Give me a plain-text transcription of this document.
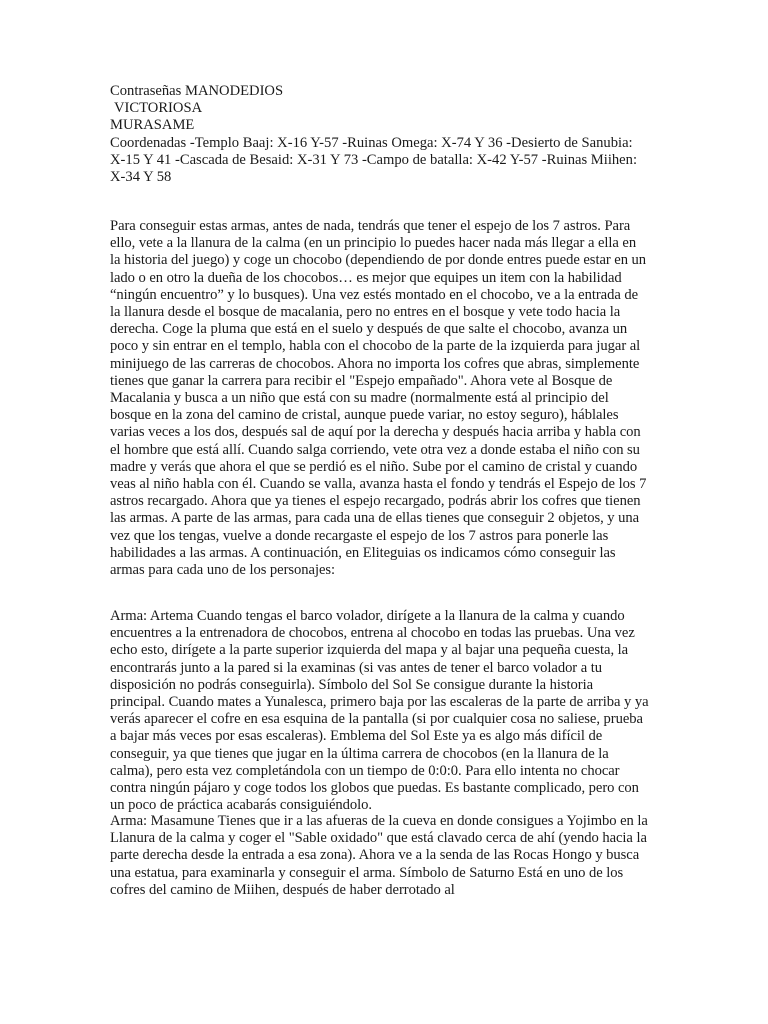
Contraseñas MANODEDIOS
VICTORIOSA
MURASAME
Coordenadas -Templo Baaj: X-16 Y-57 -Ruinas Omega: X-74 Y 36 -Desierto de Sanubia: X-15 Y 41 -Cascada de Besaid: X-31 Y 73 -Campo de batalla: X-42 Y-57 -Ruinas Miihen: X-34 Y 58
Para conseguir estas armas, antes de nada, tendrás que tener el espejo de los 7 astros. Para ello, vete a la llanura de la calma (en un principio lo puedes hacer nada más llegar a ella en la historia del juego) y coge un chocobo (dependiendo de por donde entres puede estar en un lado o en otro la dueña de los chocobos… es mejor que equipes un item con la habilidad “ningún encuentro” y lo busques). Una vez estés montado en el chocobo, ve a la entrada de la llanura desde el bosque de macalania, pero no entres en el bosque y vete todo hacia la derecha. Coge la pluma que está en el suelo y después de que salte el chocobo, avanza un poco y sin entrar en el templo, habla con el chocobo de la parte de la izquierda para jugar al minijuego de las carreras de chocobos. Ahora no importa los cofres que abras, simplemente tienes que ganar la carrera para recibir el "Espejo empañado". Ahora vete al Bosque de Macalania y busca a un niño que está con su madre (normalmente está al principio del bosque en la zona del camino de cristal, aunque puede variar, no estoy seguro), háblales varias veces a los dos, después sal de aquí por la derecha y después hacia arriba y habla con el hombre que está allí. Cuando salga corriendo, vete otra vez a donde estaba el niño con su madre y verás que ahora el que se perdió es el niño. Sube por el camino de cristal y cuando veas al niño habla con él. Cuando se valla, avanza hasta el fondo y tendrás el Espejo de los 7 astros recargado. Ahora que ya tienes el espejo recargado, podrás abrir los cofres que tienen las armas. A parte de las armas, para cada una de ellas tienes que conseguir 2 objetos, y una vez que los tengas, vuelve a donde recargaste el espejo de los 7 astros para ponerle las habilidades a las armas. A continuación, en Eliteguias os indicamos cómo conseguir las armas para cada uno de los personajes:
Arma: Artema Cuando tengas el barco volador, dirígete a la llanura de la calma y cuando encuentres a la entrenadora de chocobos, entrena al chocobo en todas las pruebas. Una vez echo esto, dirígete a la parte superior izquierda del mapa y al bajar una pequeña cuesta, la encontrarás junto a la pared si la examinas (si vas antes de tener el barco volador a tu disposición no podrás conseguirla). Símbolo del Sol Se consigue durante la historia principal. Cuando mates a Yunalesca, primero baja por las escaleras de la parte de arriba y ya verás aparecer el cofre en esa esquina de la pantalla (si por cualquier cosa no saliese, prueba a bajar más veces por esas escaleras). Emblema del Sol Este ya es algo más difícil de conseguir, ya que tienes que jugar en la última carrera de chocobos (en la llanura de la calma), pero esta vez completándola con un tiempo de 0:0:0. Para ello intenta no chocar contra ningún pájaro y coge todos los globos que puedas. Es bastante complicado, pero con un poco de práctica acabarás consiguiéndolo.
Arma: Masamune Tienes que ir a las afueras de la cueva en donde consigues a Yojimbo en la Llanura de la calma y coger el "Sable oxidado" que está clavado cerca de ahí (yendo hacia la parte derecha desde la entrada a esa zona). Ahora ve a la senda de las Rocas Hongo y busca una estatua, para examinarla y conseguir el arma. Símbolo de Saturno Está en uno de los cofres del camino de Miihen, después de haber derrotado al
